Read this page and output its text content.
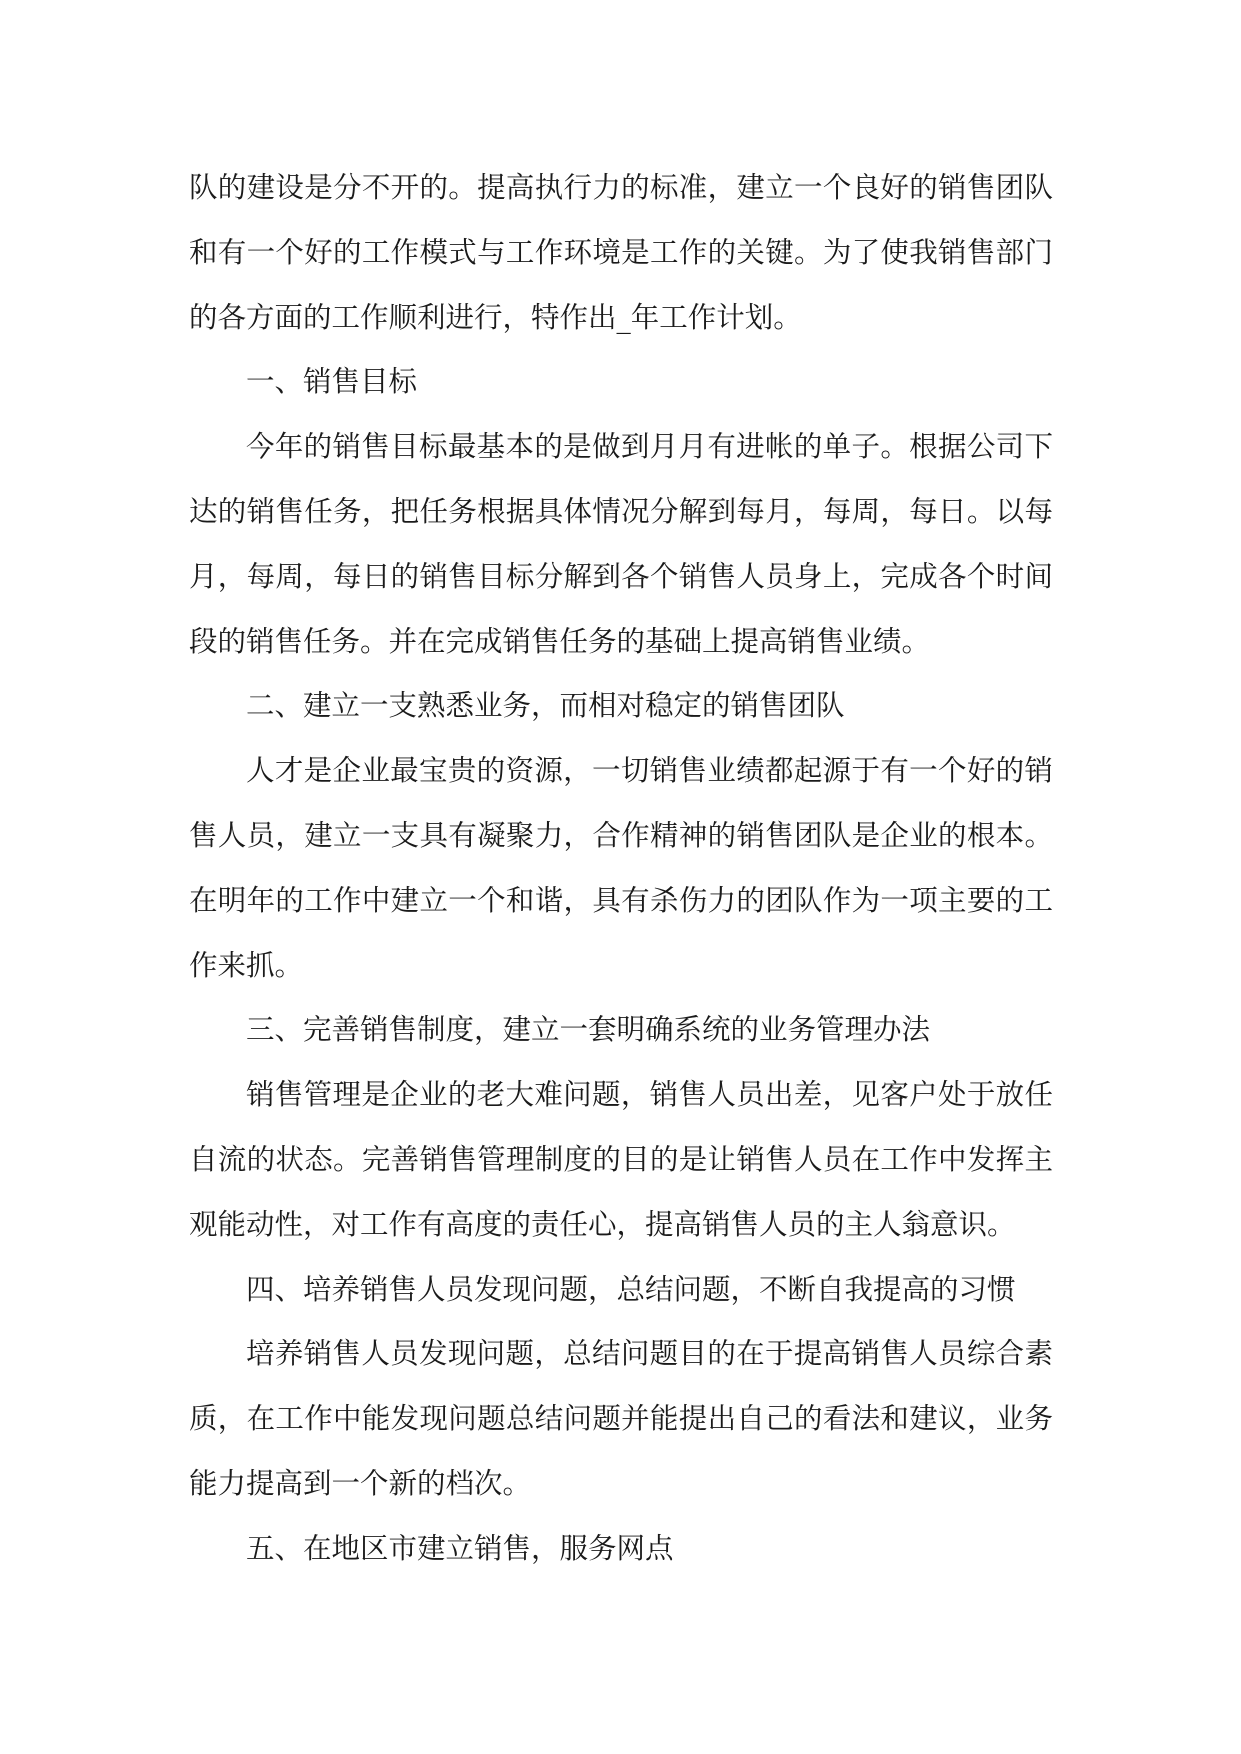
队的建设是分不开的。提高执行力的标准，建立一个良好的销售团队和有一个好的工作模式与工作环境是工作的关键。为了使我销售部门的各方面的工作顺利进行，特作出_年工作计划。

一、销售目标

今年的销售目标最基本的是做到月月有进帐的单子。根据公司下达的销售任务，把任务根据具体情况分解到每月，每周，每日。以每月，每周，每日的销售目标分解到各个销售人员身上，完成各个时间段的销售任务。并在完成销售任务的基础上提高销售业绩。

二、建立一支熟悉业务，而相对稳定的销售团队

人才是企业最宝贵的资源，一切销售业绩都起源于有一个好的销售人员，建立一支具有凝聚力，合作精神的销售团队是企业的根本。在明年的工作中建立一个和谐，具有杀伤力的团队作为一项主要的工作来抓。

三、完善销售制度，建立一套明确系统的业务管理办法

销售管理是企业的老大难问题，销售人员出差，见客户处于放任自流的状态。完善销售管理制度的目的是让销售人员在工作中发挥主观能动性，对工作有高度的责任心，提高销售人员的主人翁意识。

四、培养销售人员发现问题，总结问题，不断自我提高的习惯

培养销售人员发现问题，总结问题目的在于提高销售人员综合素质，在工作中能发现问题总结问题并能提出自己的看法和建议，业务能力提高到一个新的档次。

五、在地区市建立销售，服务网点
